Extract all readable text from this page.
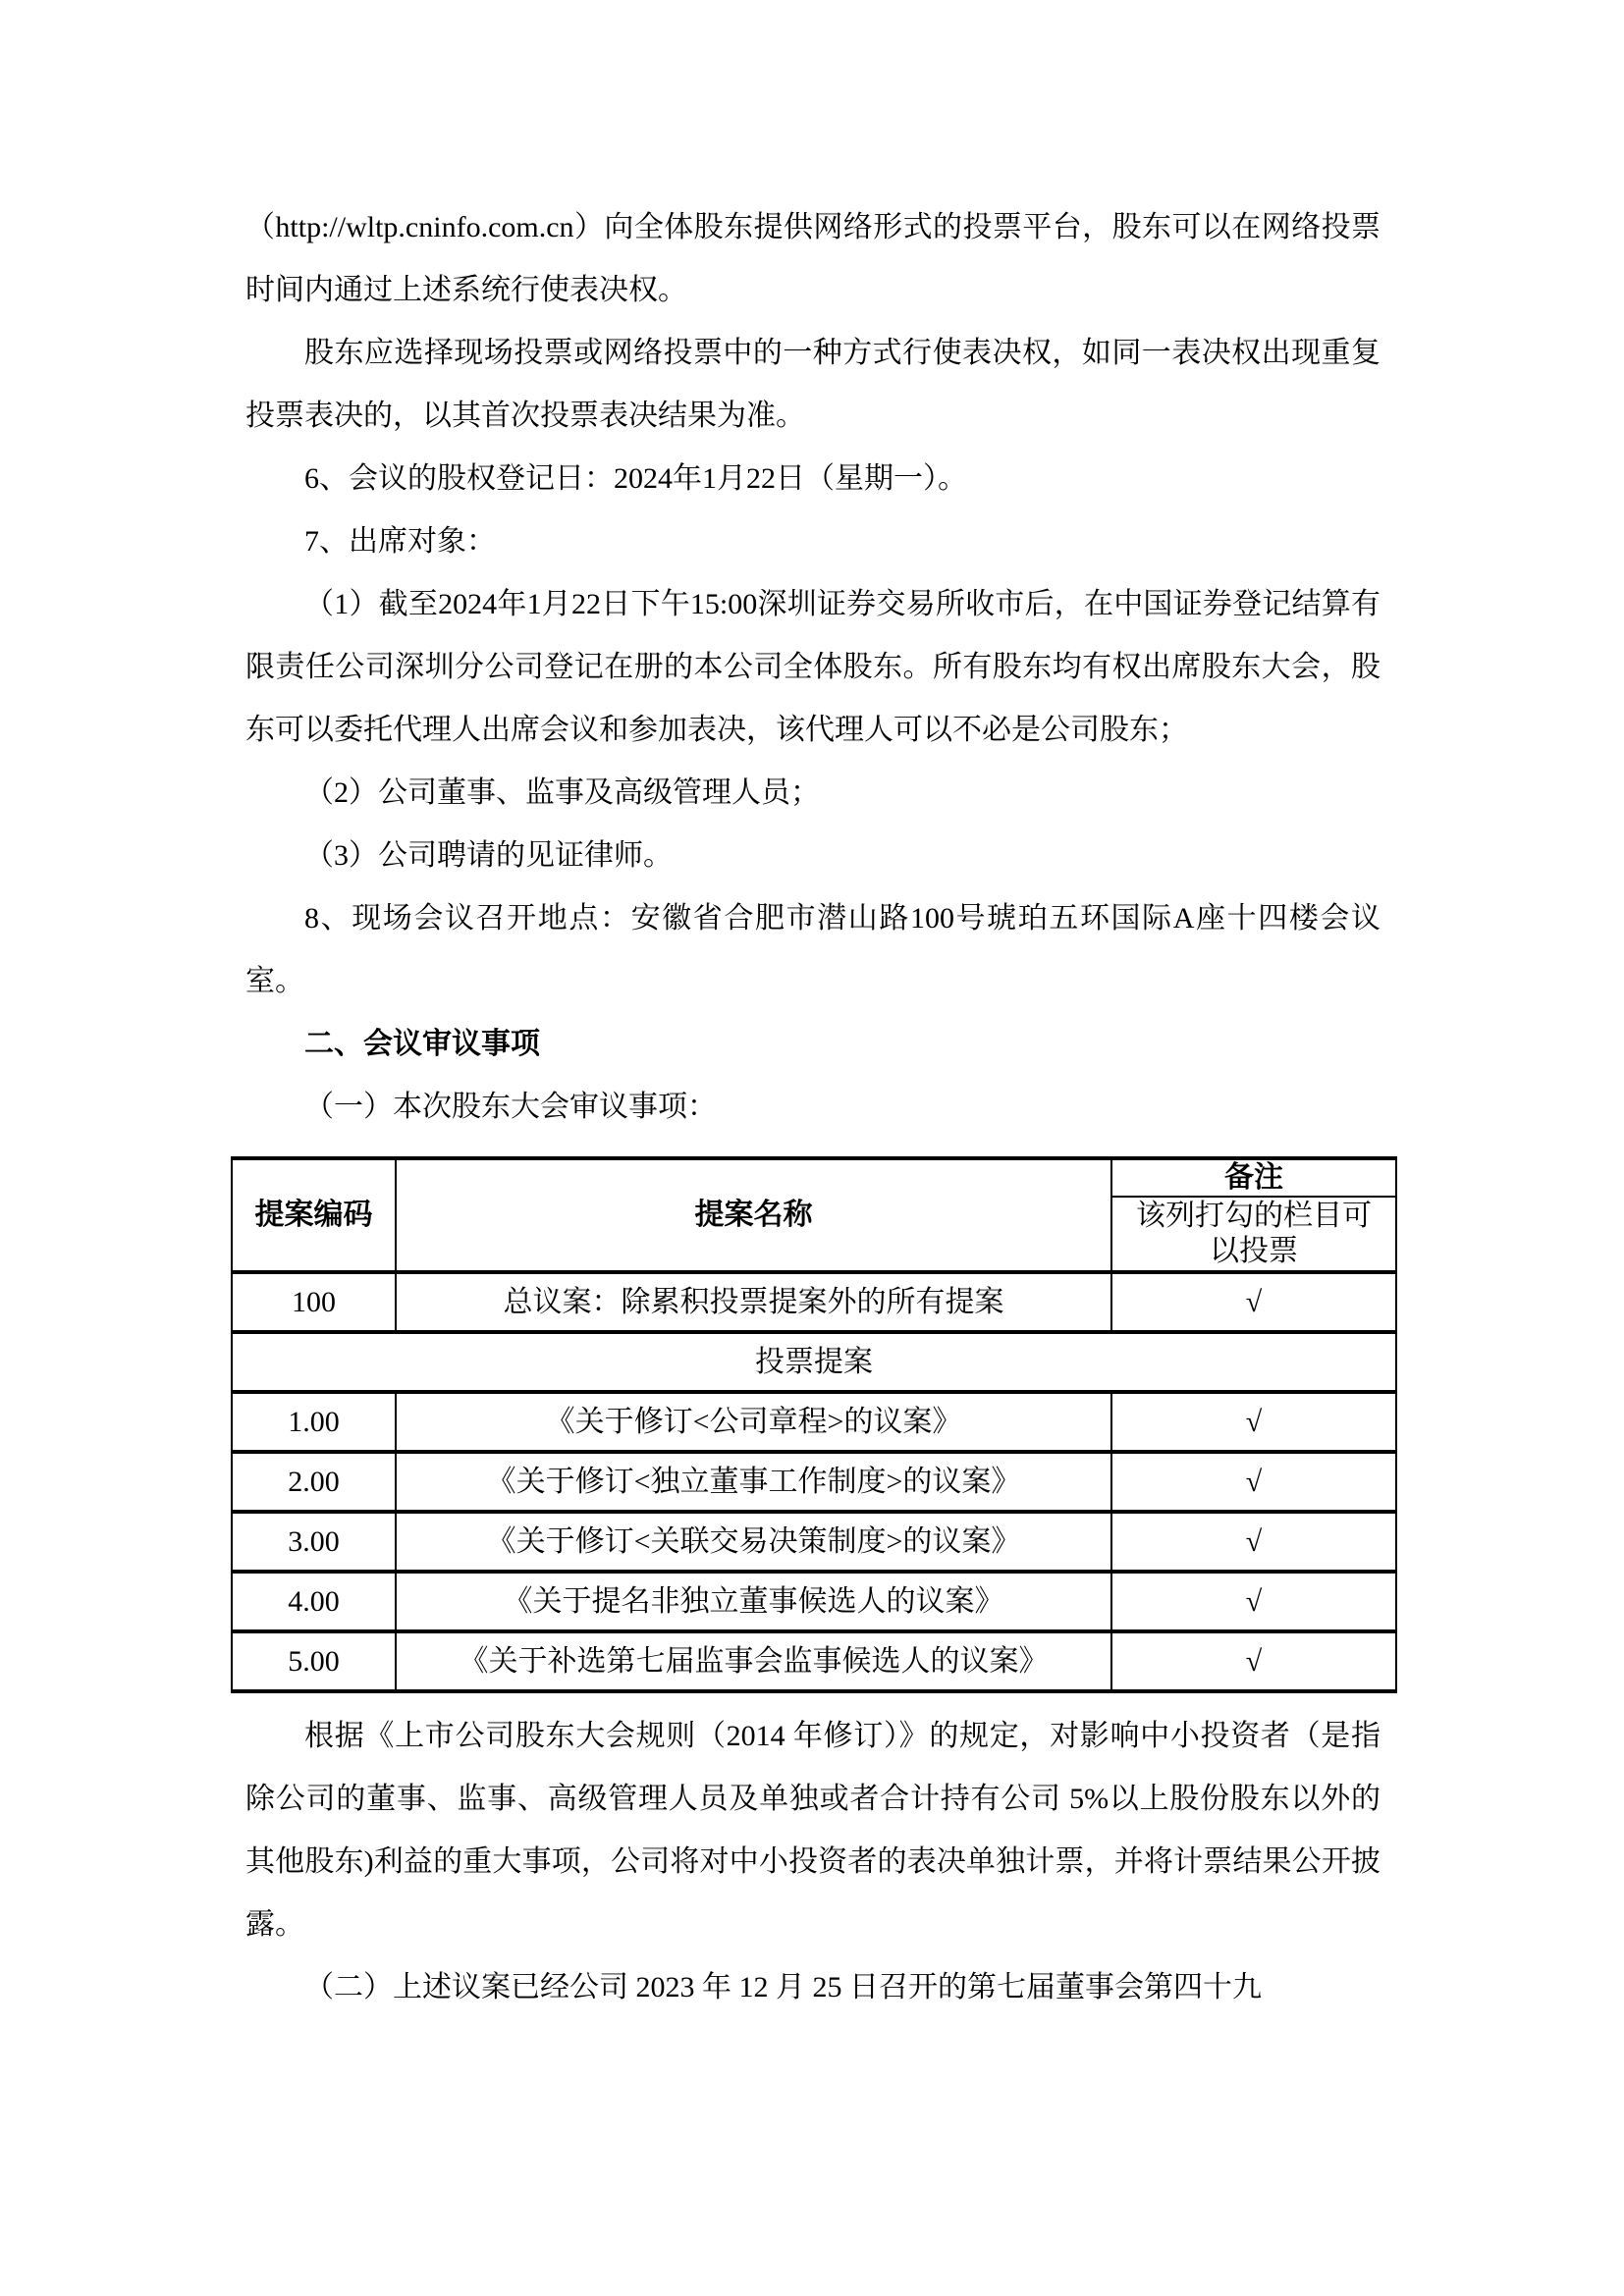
（http://wltp.cninfo.com.cn）向全体股东提供网络形式的投票平台，股东可以在网络投票时间内通过上述系统行使表决权。

股东应选择现场投票或网络投票中的一种方式行使表决权，如同一表决权出现重复投票表决的，以其首次投票表决结果为准。

6、会议的股权登记日：2024年1月22日（星期一）。

7、出席对象：

（1）截至2024年1月22日下午15:00深圳证券交易所收市后，在中国证券登记结算有限责任公司深圳分公司登记在册的本公司全体股东。所有股东均有权出席股东大会，股东可以委托代理人出席会议和参加表决，该代理人可以不必是公司股东；

（2）公司董事、监事及高级管理人员；

（3）公司聘请的见证律师。

8、现场会议召开地点：安徽省合肥市潜山路100号琥珀五环国际A座十四楼会议室。

二、会议审议事项

（一）本次股东大会审议事项：

提案编码	提案名称	备注
		该列打勾的栏目可以投票
100	总议案：除累积投票提案外的所有提案	√
投票提案		
1.00	《关于修订<公司章程>的议案》	√
2.00	《关于修订<独立董事工作制度>的议案》	√
3.00	《关于修订<关联交易决策制度>的议案》	√
4.00	《关于提名非独立董事候选人的议案》	√
5.00	《关于补选第七届监事会监事候选人的议案》	√

根据《上市公司股东大会规则（2014 年修订）》的规定，对影响中小投资者（是指除公司的董事、监事、高级管理人员及单独或者合计持有公司 5%以上股份股东以外的其他股东)利益的重大事项，公司将对中小投资者的表决单独计票，并将计票结果公开披露。

（二）上述议案已经公司 2023 年 12 月 25 日召开的第七届董事会第四十九
